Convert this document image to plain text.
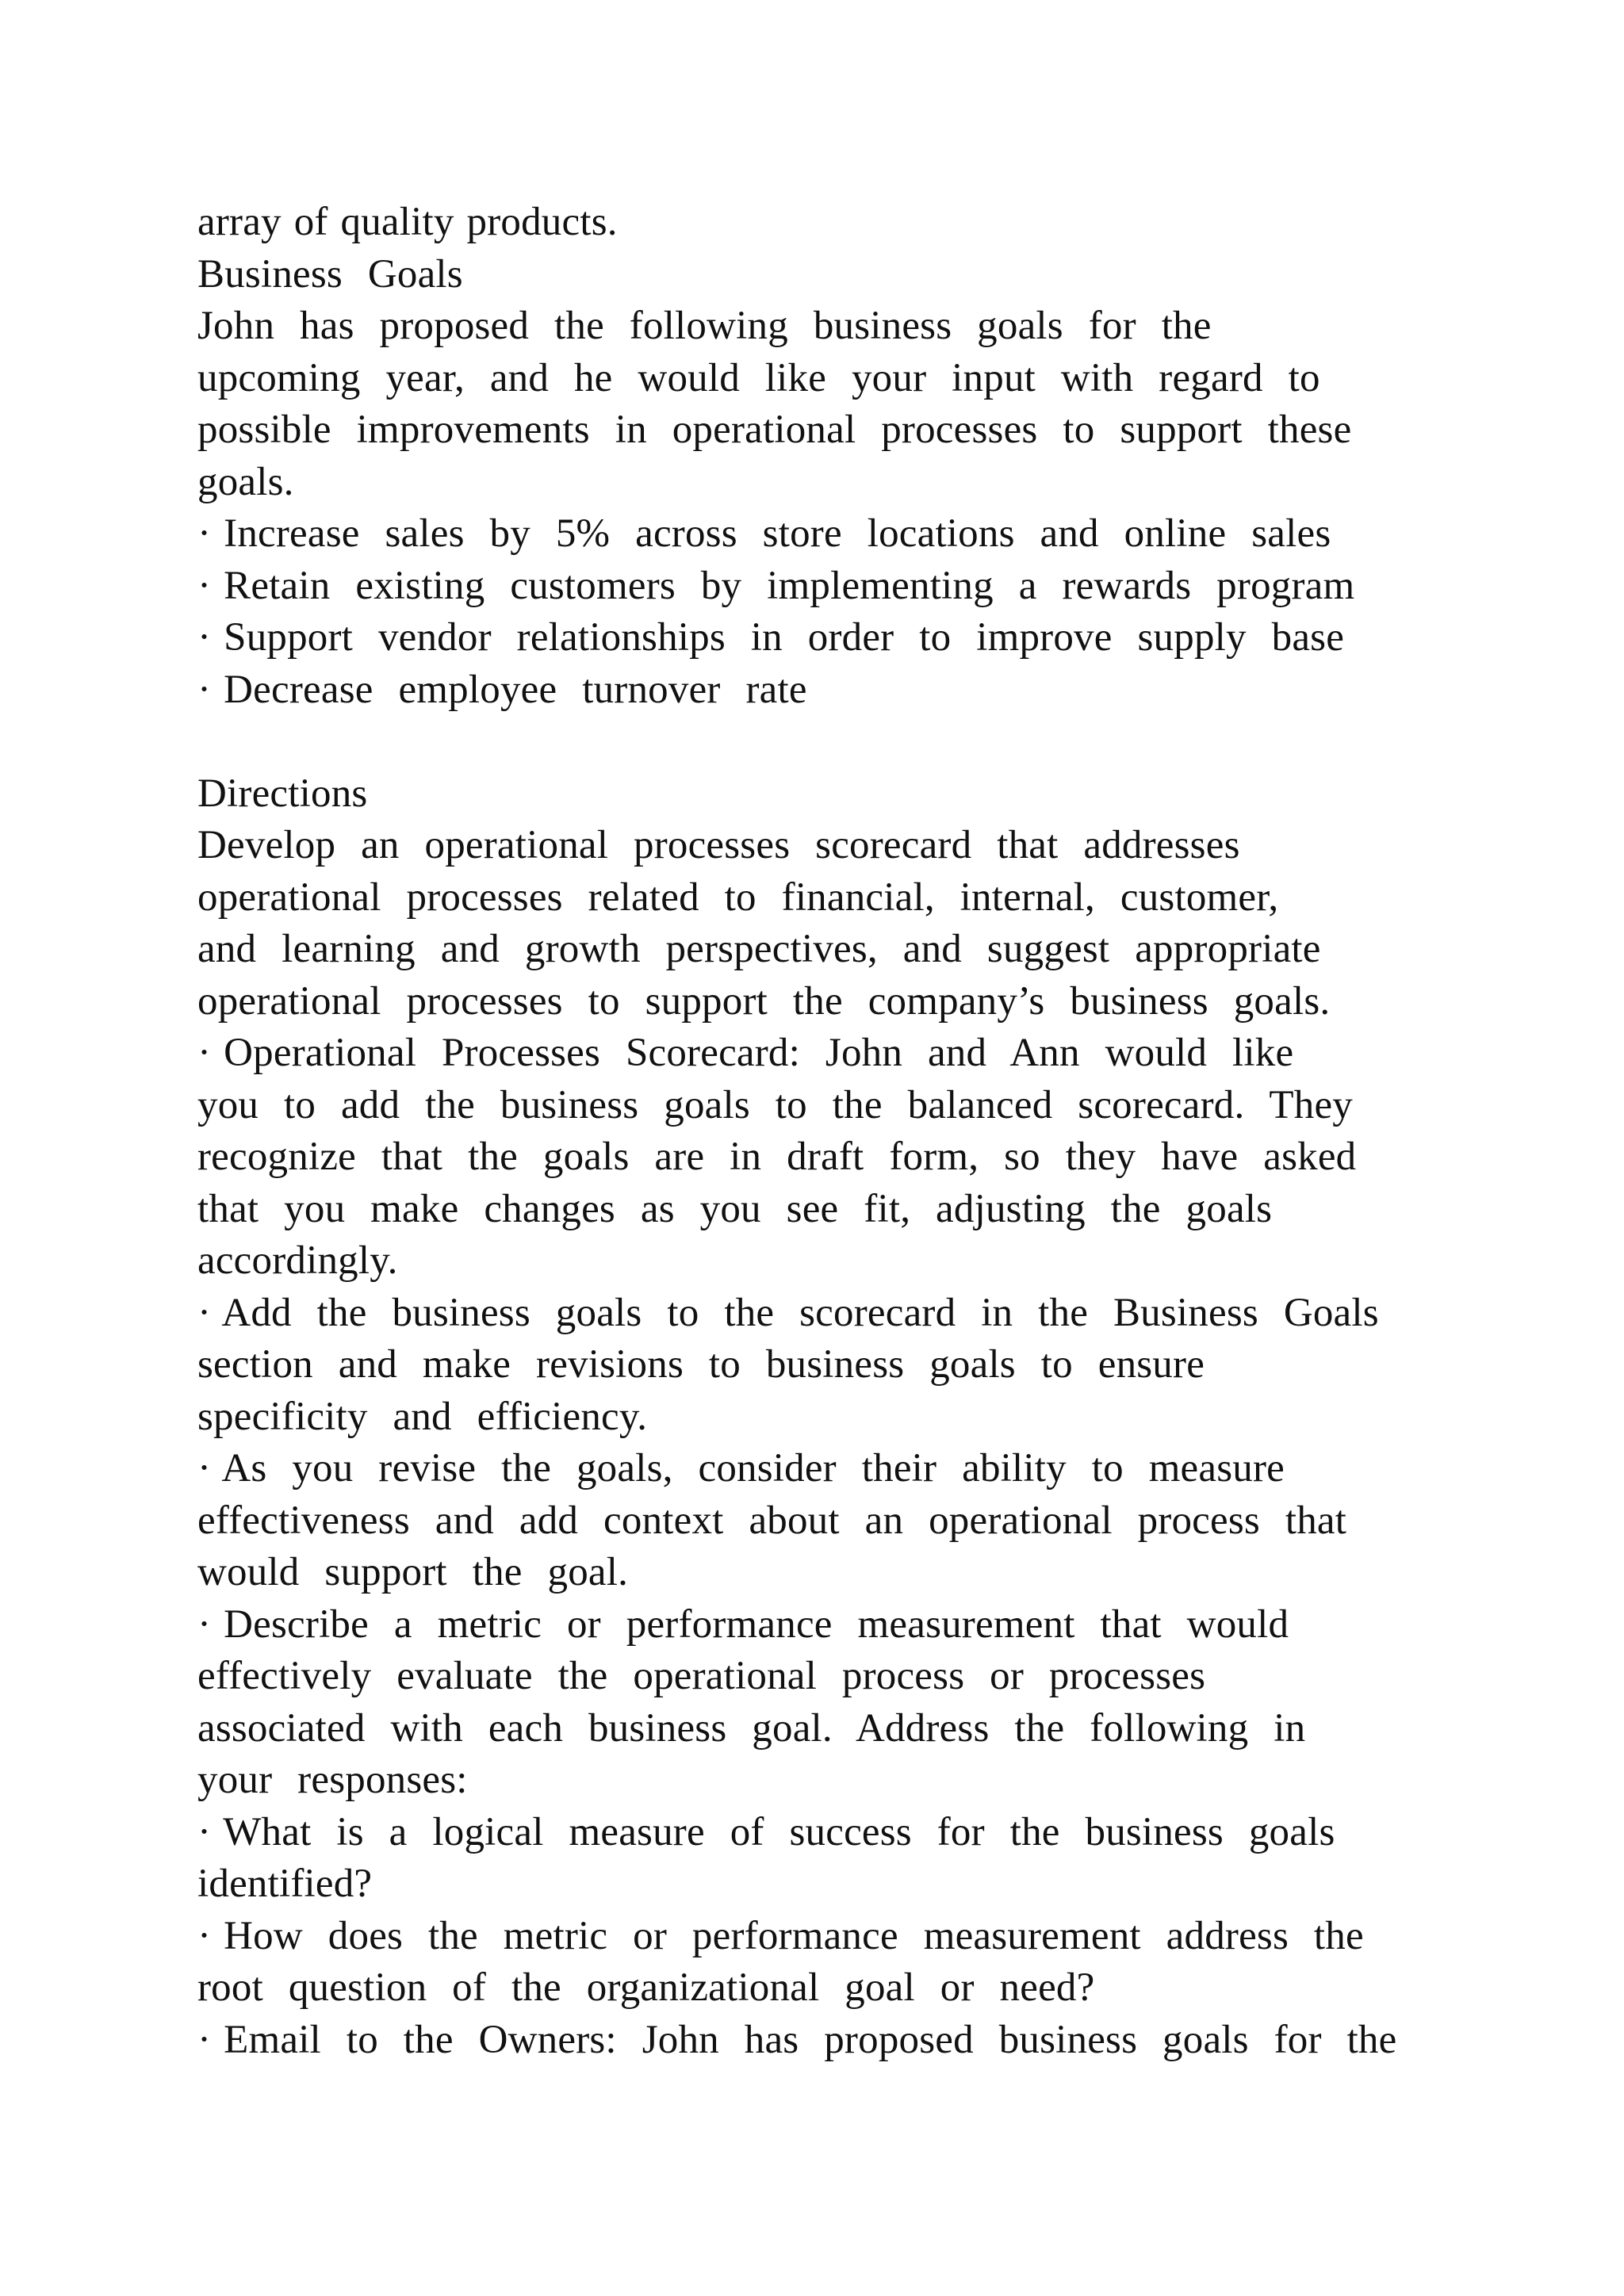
array of quality products.
Business  Goals
John  has  proposed  the  following  business  goals  for  the
upcoming  year,  and  he  would  like  your  input  with  regard  to
possible  improvements  in  operational  processes  to  support  these
goals.
· Increase  sales  by  5%  across  store  locations  and  online  sales
· Retain  existing  customers  by  implementing  a  rewards  program
· Support  vendor  relationships  in  order  to  improve  supply  base
· Decrease  employee  turnover  rate
Directions
Develop  an  operational  processes  scorecard  that  addresses
operational  processes  related  to  financial,  internal,  customer,
and  learning  and  growth  perspectives,  and  suggest  appropriate
operational  processes  to  support  the  company’s  business  goals.
· Operational  Processes  Scorecard:  John  and  Ann  would  like
you  to  add  the  business  goals  to  the  balanced  scorecard.  They
recognize  that  the  goals  are  in  draft  form,  so  they  have  asked
that  you  make  changes  as  you  see  fit,  adjusting  the  goals
accordingly.
· Add  the  business  goals  to  the  scorecard  in  the  Business  Goals
section  and  make  revisions  to  business  goals  to  ensure
specificity  and  efficiency.
· As  you  revise  the  goals,  consider  their  ability  to  measure
effectiveness  and  add  context  about  an  operational  process  that
would  support  the  goal.
· Describe  a  metric  or  performance  measurement  that  would
effectively  evaluate  the  operational  process  or  processes
associated  with  each  business  goal.  Address  the  following  in
your  responses:
· What  is  a  logical  measure  of  success  for  the  business  goals
identified?
· How  does  the  metric  or  performance  measurement  address  the
root  question  of  the  organizational  goal  or  need?
· Email  to  the  Owners:  John  has  proposed  business  goals  for  the
